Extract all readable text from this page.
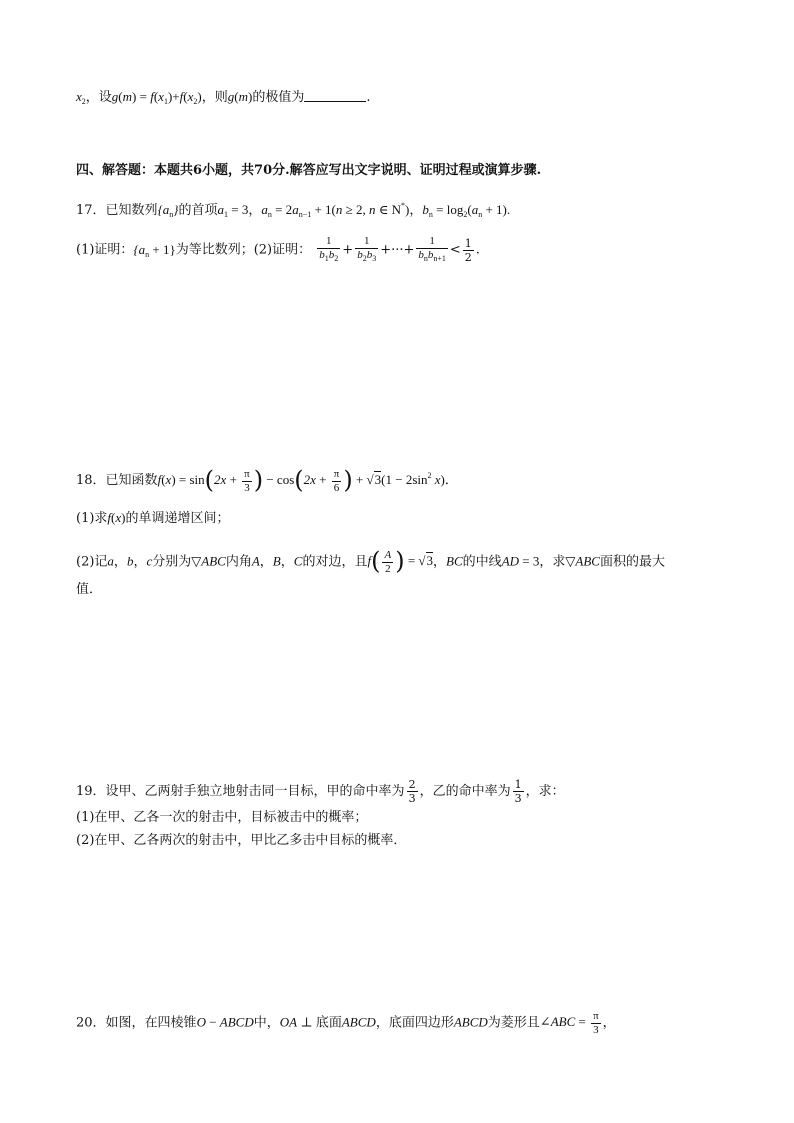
$x_2$，设$g(m) = f(x_1)+f(x_2)$，则g(m)的极值为	.
四、解答题：本题共6小题，共70分.解答应写出文字说明、证明过程或演算步骤.
17．已知数列$\{a_n\}$的首项$a_1 = 3$，$a_n = 2a_{n-1} + 1(n \ge 2$, n ∈ N*)，$b_n = \log_2(a_n + 1)$.
(1)证明：$\{a_n + 1\}$为等比数列；(2)证明： $\frac{1}{b_1b_2} + \frac{1}{b_2b_3}$ +···+ $\frac{1}{b_nb_{n+1}} < \frac{1}{2}$ .
18．已知函数$f(x) = \sin(2x + \frac{\pi}{3}$ ) − $\cos(2x + \frac{\pi}{6}$ ) + $√3(1 - 2\sin^2$ x)．
(1)求f(x)的单调递增区间；
(2)记a，b，c分别为▽ABC内角A，B，C的对边，且$f( \frac{A}{2}$ ) = √3，BC的中线AD = 3，求▽ABC面积的最大
值．
19．设甲、乙两射手独立地射击同一目标，甲的命中率为 $\frac{2}{3}$ ，乙的命中率为 $\frac{1}{3}$ ，求：
(1)在甲、乙各一次的射击中，目标被击中的概率；
(2)在甲、乙各两次的射击中，甲比乙多击中目标的概率．
20．如图，在四棱锥O − ABCD中，OA ⊥ 底面ABCD，底面四边形ABCD为菱形且∠ABC = $\frac{\pi}{3}$ ，
